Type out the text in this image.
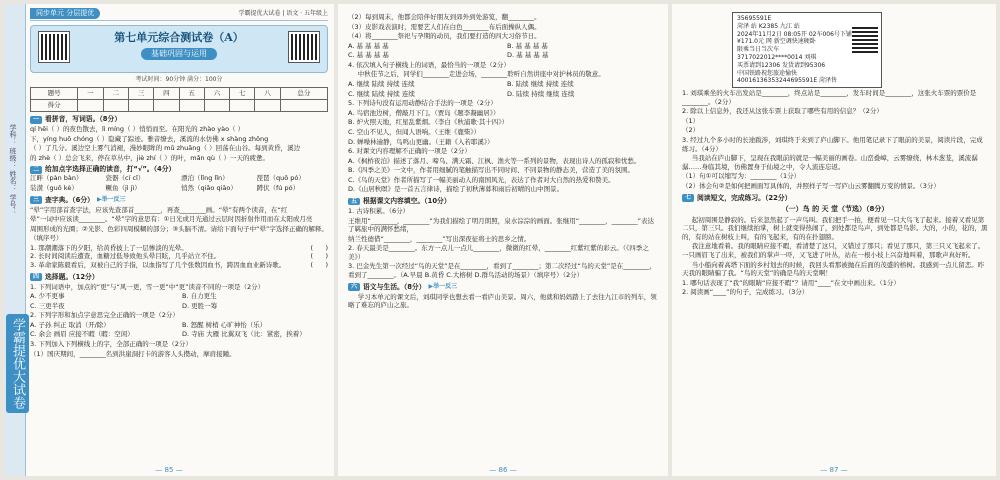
学科： 班级： 姓名： 学号：
学霸提优大试卷
同步单元 分层提优	学霸提优大试卷 | 语文 · 五年级上
第七单元综合测试卷（A）
基础巩固与运用
考试时间：90分钟 满分：100分
题号	一	二	三	四	五	六	七	八	总分
得分									
一 看拼音，写词语。（8分）
qí hēi（ ）的夜色散去，lì míng（ ）悄悄而至。在阳光的 zhào yào（ ）
下，yíng huō chóng（ ）隐藏了踪迹。雅音缭去，溪流的水仿佛 x shàng zhǒng
（ ）了几分。溪边空上雾气消褪，漫妙眼眸的 mǔ zhuāng（ ）回荡在山谷。每到黄昏，溪边
的 zhè（ ）总会飞来，停在草丛中，jiè zhí（ ）的叶，mǎn qù（ ）一天的疲惫。
二 给加点字选择正确的读音，打“√”。（4分）
江畔（pàn bàn）	瓷器（cí cǐ）	漂泊（lǐng lǐn）	琵琶（quō pó）
装潢（guō kè）	鳜鱼（jì jì）	悄然（qiǎo qiāo）	蹲伏（fú pó）
三 查字典。（6分） ▶举一反三
“晕”字用部首查字法，应该先查部首________，再查________画。“晕”有两个读音，在“红
晕”一词中应该读________。“晕”字的意思有：①日光或月光通过云层时因折射作用而在太阳或月亮
周围形成的光圈；②光影、色彩四周模糊的部分；③头脑不清。请给下面句子中“晕”字选择正确的解释。
（填序号）
1. 那潮潮落下的夕阳，给黄昏披上了一层惨淡的光晕。	(      )
2. 长时间阅读后遭查，血糖过低导致他头晕目眩，几乎站立不住。	(      )
3. 革命家陈毅看后，双被自己的手指，以血指写了几个张数因血书，跨因血血业新诗歌。	(      )
四 选择题。（12分）
1. 下列词语中，加点的“更”与“风一更，雪一更”中“更”读音不同的一项是（2分）
A. 少不更事	B. 自力更生
C. 三更半夜	D. 更胜一筹
2. 下列字形和加点字意思完全正确的一项是（2分）
A. 子孙 纠正 取消（开/除）	B. 怒醒 树梢 心旷神怡（乐）
C. 余会 画眉 应接不暇（暇：空闲）	D. 寺庙 大雁 比翼双飞（比：紧密，挨着）
3. 下列加入下列横线上的字，全部正确的一项是（2分）
（1）国庆期间，________名到洪崖洞打卡的游客人头攒动，摩肩接踵。
— 85 —
（2）每到周末，他都会陪伴好朋友到郊外到处游览，翻________。
（3）皮影戏表演时，需要艺人们在白色________布后面操纵人偶。
（4）将________祭祀与孕期的动员，我们要打造的四大习俗节日。
A. 基 基 基 基	B. 基 基 基 基
C. 基 基 基 基	D. 基 基 基 基
4. 依次填入句子横线上的词语，最恰当的一项是（2分）
中秋佳节之后，同学们________走进会场，________聆听自然讲座中对护林员的敬意。
A. 继续 陆续 持续 连续	B. 陆续 继续 持续 连续
C. 继续 陆续 持续 连续	D. 陆续 持续 继续 连续
5. 下列诗句没有运用动静结合手法的一项是（2分）
A. 鸟宿池边树，僧敲月下门。（贾岛《题李凝幽居》）
B. 炉火照天地，红星乱紫烟。（李白《秋浦歌·其十四》）
C. 空山不见人，但闻人语响。（王维《鹿柴》）
D. 蝉噪林逾静，鸟鸣山更幽。（王籍《入若耶溪》）
6. 对课文内容理解不正确的一项是（2分）
A.《枫桥夜泊》描述了落月、啼乌、满天霜、江枫、渔火等一系列的景物，表现出诗人的孤寂和忧愁。
B.《四季之美》一文中，作者用细腻的笔触描写出不同时间、不同景物的静态美，营造了美的氛围。
C.《鸟的天堂》作者所描写了一幅美丽动人的南国风光，表达了作者对大自然的热爱和赞美。
D.《山居秋暝》是一首五言律诗，描绘了初秋薄暮和雨后初晴的山中图景。
五 根据课文内容填空。（10分）
1. 古诗积累。（6分）
王维用“________，________”为我们描绘了明月朗照，泉水淙淙的画面。张继用“________，________”表达了羁旅中的满怀愁绪，
纳兰性德借“________，________”写出深夜征将士的思乡之情。
2. 春天最美是________。东方一点儿一点儿________，微微的红晕，________红紫红紫的彩云。（《四季之美》）
3. 巴金先生第一次经过“鸟的天堂”是在________，看到了________；第二次经过“鸟的天堂”是在________，看到了________。（A.早晨 B.黄昏 C.大榕树 D.群鸟活动的场景）（填序号）（2分）
六 语文与生活。（8分） ▶举一反三
学习本单元的课文后，刘琪同学也想去看一看庐山美景。周六，他就和妈妈踏上了去往九江市的列车，领略了难忘的庐山之旅。
— 86 —
35695591E
菏泽 站 K2385 九江 站
2024年11月2日 08:05开 02车006号下铺
¥171.0元 网 新空调快速硬卧
限乘当日当次车
3717022012****0014 刘琪
买票请到12306 发货请到95306
中国铁路祝您旅途愉快
40016136353244695591E 菏泽售
1. 刘琪乘坐的火车出发站是________，终点站是________，发车时间是________，这张火车票的票价是________。（2分）
2. 除以上信息外，我还从这张车票上获取了哪些有用的信息？（2分）
（1）
（2）
3. 经过九个多小时的长途跋涉，刘琪终于来到了庐山脚下。他用笔记录下了眼前的美景，阅读片段，完成练习。（4分）
当我站在庐山脚下，呈现在我眼前的就是一幅美丽的画卷。山峦叠嶂，云雾缭绕，林木葱茏，溪流潺潺……身临其境，仿佛置身于仙境之中，令人流连忘返。
（1）句①可以缩写为：________（1分）
（2）体会句②是如何把画面写具体的，并照样子写一写庐山云雾翻腾万变的情景。（3分）
七 阅读短文，完成练习。（22分）
（一）鸟 的 天 堂（节选）（8分）
起初周围是静寂的。后来忽然起了一声鸟叫。我们把手一拍，便看见一只大鸟飞了起来。接着又看见第二只，第三只。我们继续拍掌，树上就变得热闹了，到处都是鸟声，到处都是鸟影。大的，小的，花的，黑的，有的站在树枝上叫，有的飞起来，有的在扑翅膀。
我注意地看着。我的眼睛应接不暇，看清楚了这只，又错过了那只；看见了那只，第三只又飞起来了。一只画眉飞了出来，被我们的掌声一吓，又飞进了叶丛，站在一根小枝上兴奋地叫着，那歌声真好听。
当小船向着高塔下面的乡村划去的时候，我回头看那被抛在后面的茂盛的榕树。我感到一点儿留恋。昨天我的眼睛骗了我。“鸟的天堂”的确是鸟的天堂啊！
1. 哪句话表现了“我”的眼睛“应接不暇”？请用“____”在文中画出来。（1分）
2. 阅读画“____”的句子，完成练习。（3分）
— 87 —
